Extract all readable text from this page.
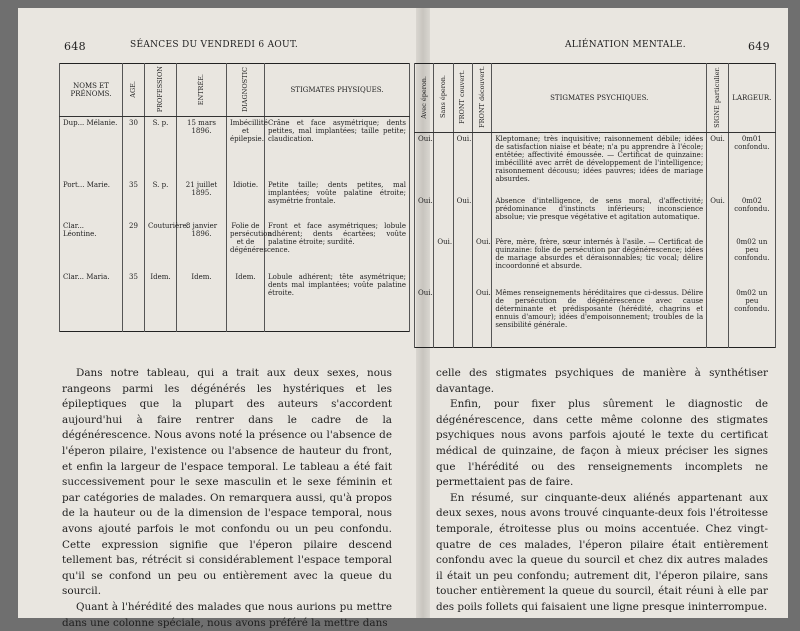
648	SÉANCES DU VENDREDI 6 AOUT.	ALIÉNATION MENTALE.	649
NOMS ET PRÉNOMS.	AGE.	PROFESSION	ENTRÉE.	DIAGNOSTIC	STIGMATES PHYSIQUES.
Dup... Mélanie.	30	S. p.	15 mars 1896.	Imbécillité et épilepsie.	Crâne et face asymétrique; dents petites, mal implantées; taille petite; claudication.
Port... Marie.	35	S. p.	21 juillet 1895.	Idiotie.	Petite taille; dents petites, mal implantées; voûte palatine étroite; asymétrie frontale.
Clar... Léontine.	29	Couturière.	8 janvier 1896.	Folie de persécution et de dégénérescence.	Front et face asymétriques; lobule adhérent; dents écartées; voûte palatine étroite; surdité.
Clar... Maria.	35	Idem.	Idem.	Idem.	Lobule adhérent; tête asymétrique; dents mal implantées; voûte palatine étroite.
Avec éperon.	Sans éperon.	FRONT couvert.	FRONT découvert.	STIGMATES PSYCHIQUES.	SIGNE particulier.	LARGEUR.
Oui.		Oui.		Kleptomane; très inquisitive; raisonnement débile; idées de satisfaction niaise et béate; n'a pu apprendre à l'école; entêtée; affectivité émoussée. — Certificat de quinzaine: imbécillité avec arrêt de développement de l'intelligence; raisonnement décousu; idées pauvres; idées de mariage absurdes.	Oui.	0m01 confondu.
Oui.		Oui.		Absence d'intelligence, de sens moral, d'affectivité; prédominance d'instincts inférieurs; inconscience absolue; vie presque végétative et agitation automatique.	Oui.	0m02 confondu.
	Oui.		Oui.	Père, mère, frère, sœur internés à l'asile. — Certificat de quinzaine: folie de persécution par dégénérescence; idées de mariage absurdes et déraisonnables; tic vocal; délire incoordonné et absurde.		0m02 un peu confondu.
Oui.			Oui.	Mêmes renseignements héréditaires que ci-dessus. Délire de persécution de dégénérescence avec cause déterminante et prédisposante (hérédité, chagrins et ennuis d'amour); idées d'empoisonnement; troubles de la sensibilité générale.		0m02 un peu confondu.

Dans notre tableau, qui a trait aux deux sexes, nous rangeons parmi les dégénérés les hystériques et les épileptiques que la plupart des auteurs s'accordent aujourd'hui à faire rentrer dans le cadre de la dégénérescence. Nous avons noté la présence ou l'absence de l'éperon pilaire, l'existence ou l'absence de hauteur du front, et enfin la largeur de l'espace temporal. Le tableau a été fait successivement pour le sexe masculin et le sexe féminin et par catégories de malades. On remarquera aussi, qu'à propos de la hauteur ou de la dimension de l'espace temporal, nous avons ajouté parfois le mot confondu ou un peu confondu. Cette expression signifie que l'éperon pilaire descend tellement bas, rétrécit si considérablement l'espace temporal qu'il se confond un peu ou entièrement avec la queue du sourcil.

Quant à l'hérédité des malades que nous aurions pu mettre dans une colonne spéciale, nous avons préféré la mettre dans

celle des stigmates psychiques de manière à synthétiser davantage.

Enfin, pour fixer plus sûrement le diagnostic de dégénérescence, dans cette même colonne des stigmates psychiques nous avons parfois ajouté le texte du certificat médical de quinzaine, de façon à mieux préciser les signes que l'hérédité ou des renseignements incomplets ne permettaient pas de faire.

En résumé, sur cinquante-deux aliénés appartenant aux deux sexes, nous avons trouvé cinquante-deux fois l'étroitesse temporale, étroitesse plus ou moins accentuée. Chez vingt-quatre de ces malades, l'éperon pilaire était entièrement confondu avec la queue du sourcil et chez dix autres malades il était un peu confondu; autrement dit, l'éperon pilaire, sans toucher entièrement la queue du sourcil, était réuni à elle par des poils follets qui faisaient une ligne presque ininterrompue.
